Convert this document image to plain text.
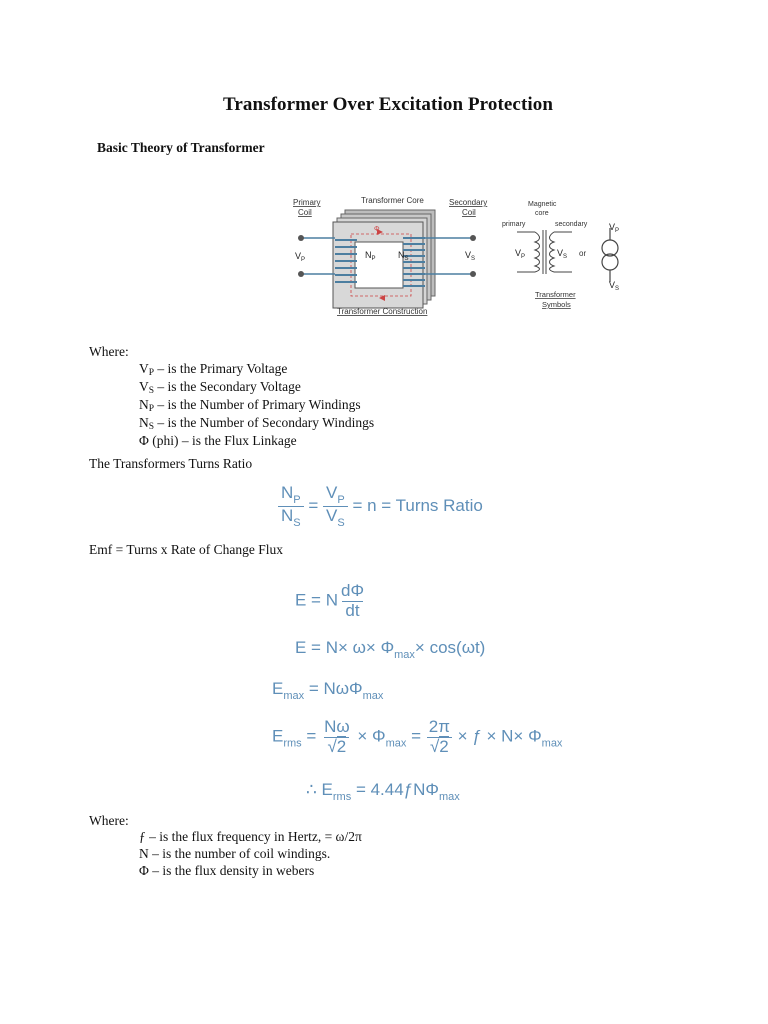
Transformer Over Excitation Protection
Basic Theory of Transformer
Primary
Coil
Transformer Core	Secondary
Coil
$V_P$	$V_S$
$N_P$ $N_S$
Φ
Transformer Construction
Magnetic
core
primary	secondary
$V_P$	$V_S$ or
$V_P$
$V_S$
Transformer
Symbols
Where:
$V_P$ – is the Primary Voltage
$V_S$ – is the Secondary Voltage
$N_P$ – is the Number of Primary Windings
$N_S$ – is the Number of Secondary Windings
Φ (phi) – is the Flux Linkage
The Transformers Turns Ratio
$\frac{N_P}{N_S} = \frac{V_P}{V_S} = n$ = Turns Ratio
Emf = Turns x Rate of Change Flux
E = N $\frac{d\Phi}{dt}$
$E = N\times \omega\times \Phi_{max}\times \cos(\omega t)$
$E_{max} = N\omega\Phi_{max}$
$E_{rms} = \frac{N\omega}{√2} \times \Phi_{max} = \frac{2\pi}{√2}$ × ƒ × $N\times \Phi_{max}$
∴ $E_{rms}$ = 4.44ƒNΦ$_{max}$
Where:
ƒ – is the flux frequency in Hertz, = ω/2π
N – is the number of coil windings.
Φ – is the flux density in webers
